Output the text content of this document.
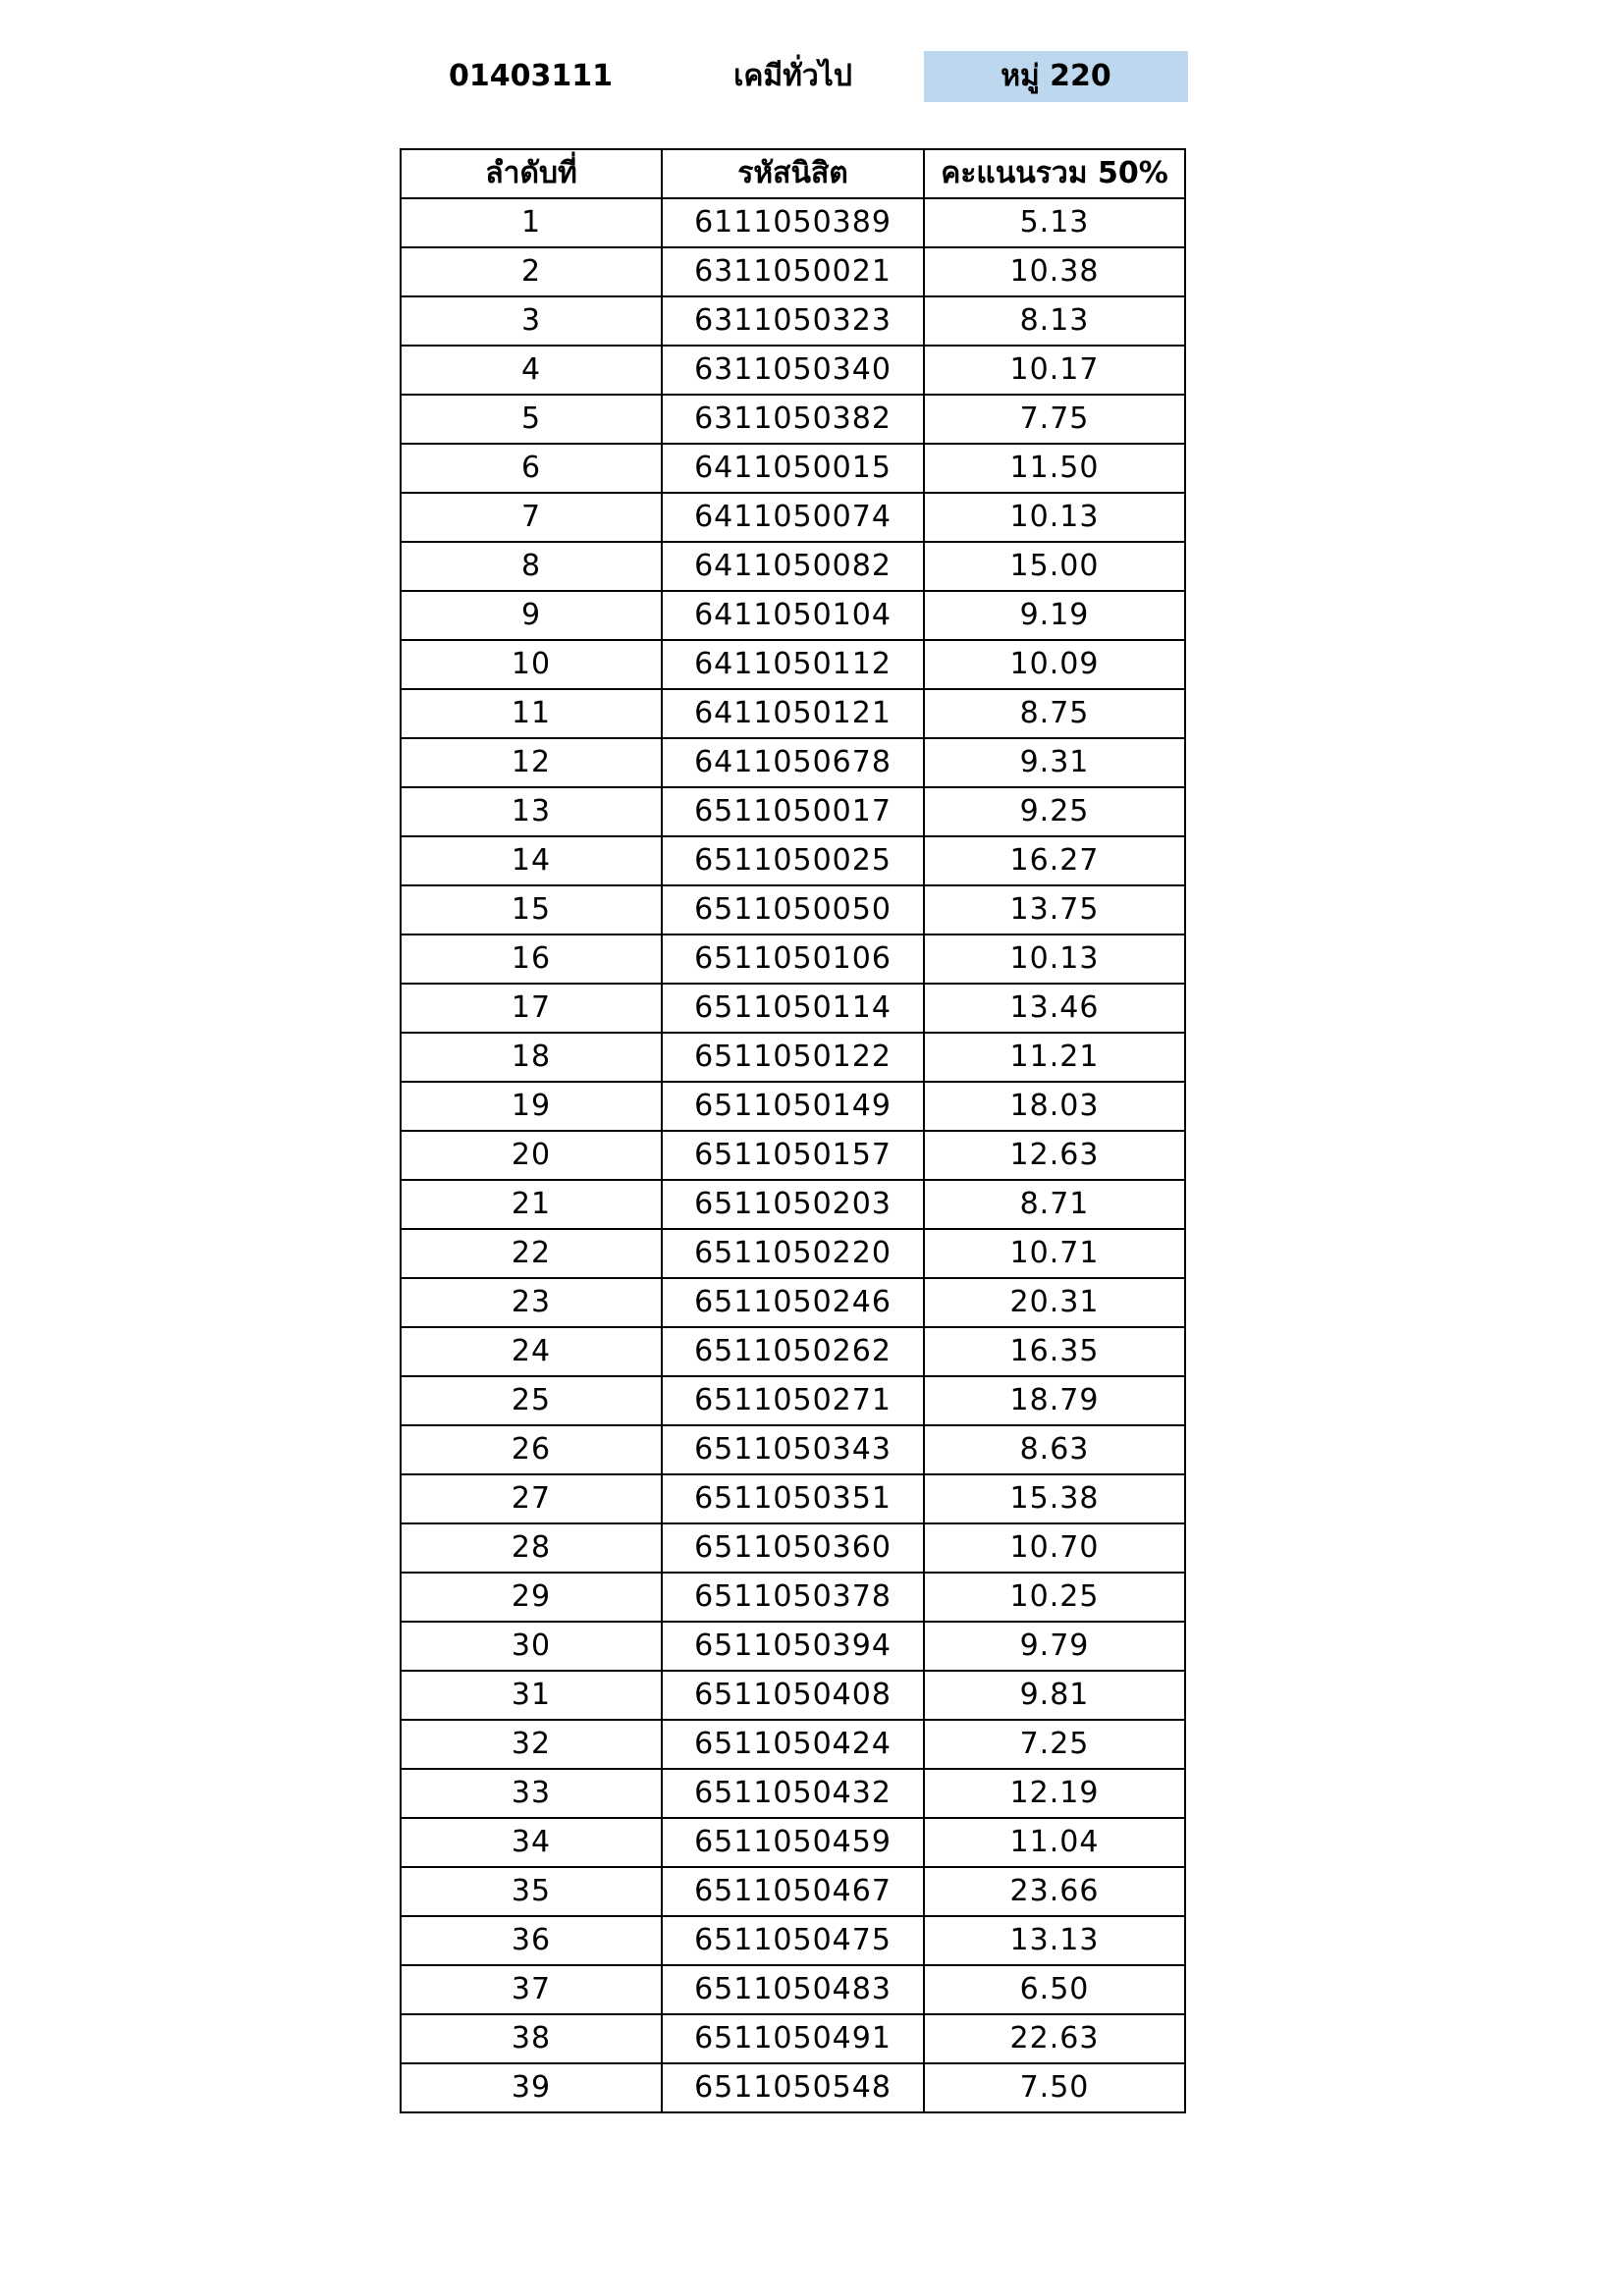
01403111	เคมีทั่วไป	หมู่ 220
ลำดับที่	รหัสนิสิต	คะแนนรวม 50%
1	6111050389	5.13
2	6311050021	10.38
3	6311050323	8.13
4	6311050340	10.17
5	6311050382	7.75
6	6411050015	11.50
7	6411050074	10.13
8	6411050082	15.00
9	6411050104	9.19
10	6411050112	10.09
11	6411050121	8.75
12	6411050678	9.31
13	6511050017	9.25
14	6511050025	16.27
15	6511050050	13.75
16	6511050106	10.13
17	6511050114	13.46
18	6511050122	11.21
19	6511050149	18.03
20	6511050157	12.63
21	6511050203	8.71
22	6511050220	10.71
23	6511050246	20.31
24	6511050262	16.35
25	6511050271	18.79
26	6511050343	8.63
27	6511050351	15.38
28	6511050360	10.70
29	6511050378	10.25
30	6511050394	9.79
31	6511050408	9.81
32	6511050424	7.25
33	6511050432	12.19
34	6511050459	11.04
35	6511050467	23.66
36	6511050475	13.13
37	6511050483	6.50
38	6511050491	22.63
39	6511050548	7.50
